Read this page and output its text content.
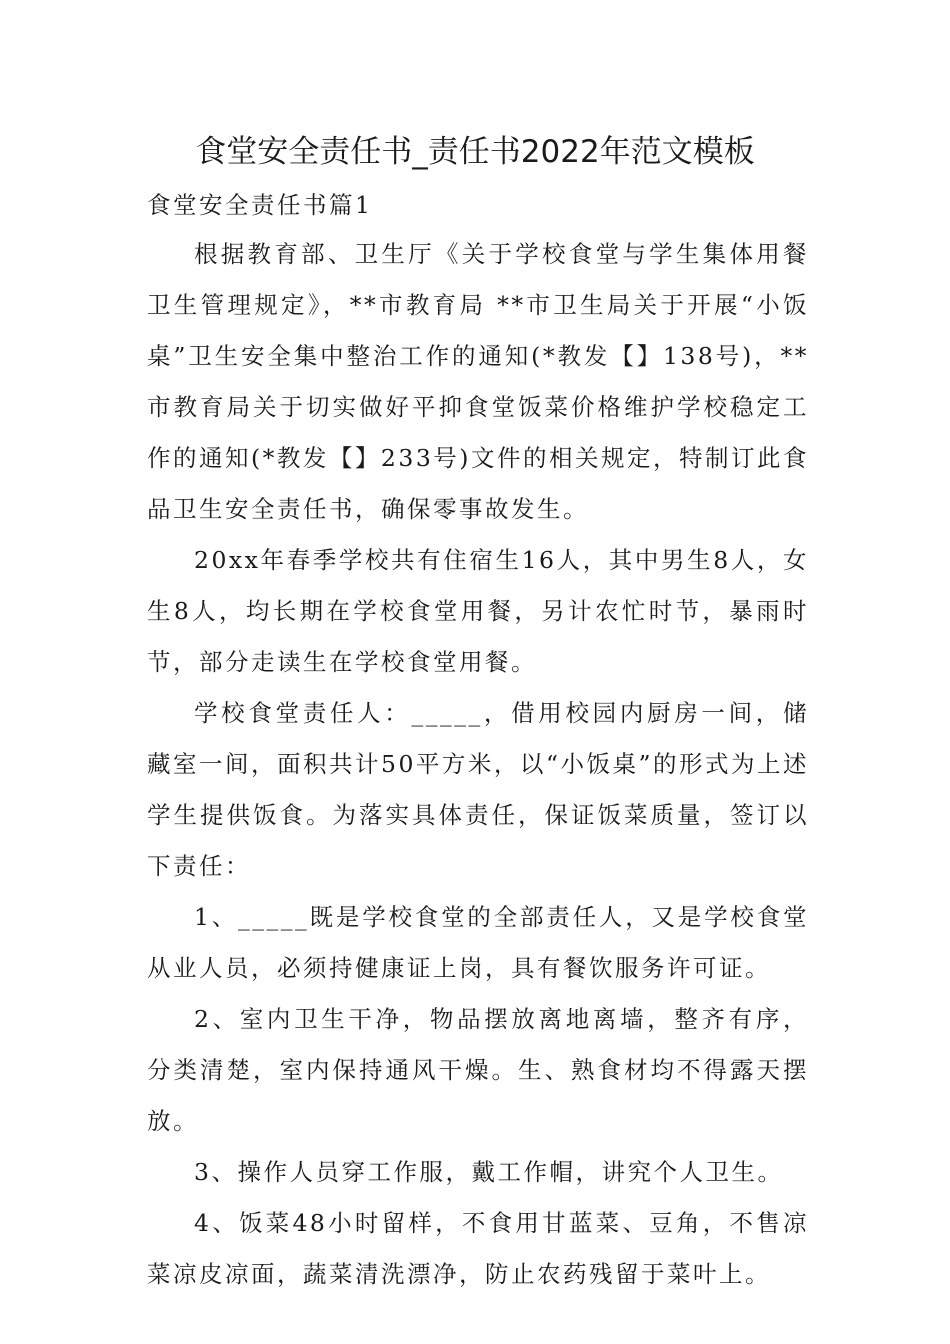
食堂安全责任书_责任书2022年范文模板
食堂安全责任书篇1

根据教育部、卫生厅《关于学校食堂与学生集体用餐卫生管理规定》，**市教育局 **市卫生局关于开展“小饭桌”卫生安全集中整治工作的通知(*教发【】138号)，**市教育局关于切实做好平抑食堂饭菜价格维护学校稳定工作的通知(*教发【】233号)文件的相关规定，特制订此食品卫生安全责任书，确保零事故发生。

20xx年春季学校共有住宿生16人，其中男生8人，女生8人，均长期在学校食堂用餐，另计农忙时节，暴雨时节，部分走读生在学校食堂用餐。

学校食堂责任人：_____，借用校园内厨房一间，储藏室一间，面积共计50平方米，以“小饭桌”的形式为上述学生提供饭食。为落实具体责任，保证饭菜质量，签订以下责任：

1、_____既是学校食堂的全部责任人，又是学校食堂从业人员，必须持健康证上岗，具有餐饮服务许可证。

2、室内卫生干净，物品摆放离地离墙，整齐有序，分类清楚，室内保持通风干燥。生、熟食材均不得露天摆放。

3、操作人员穿工作服，戴工作帽，讲究个人卫生。

4、饭菜48小时留样，不食用甘蓝菜、豆角，不售凉菜凉皮凉面，蔬菜清洗漂净，防止农药残留于菜叶上。
